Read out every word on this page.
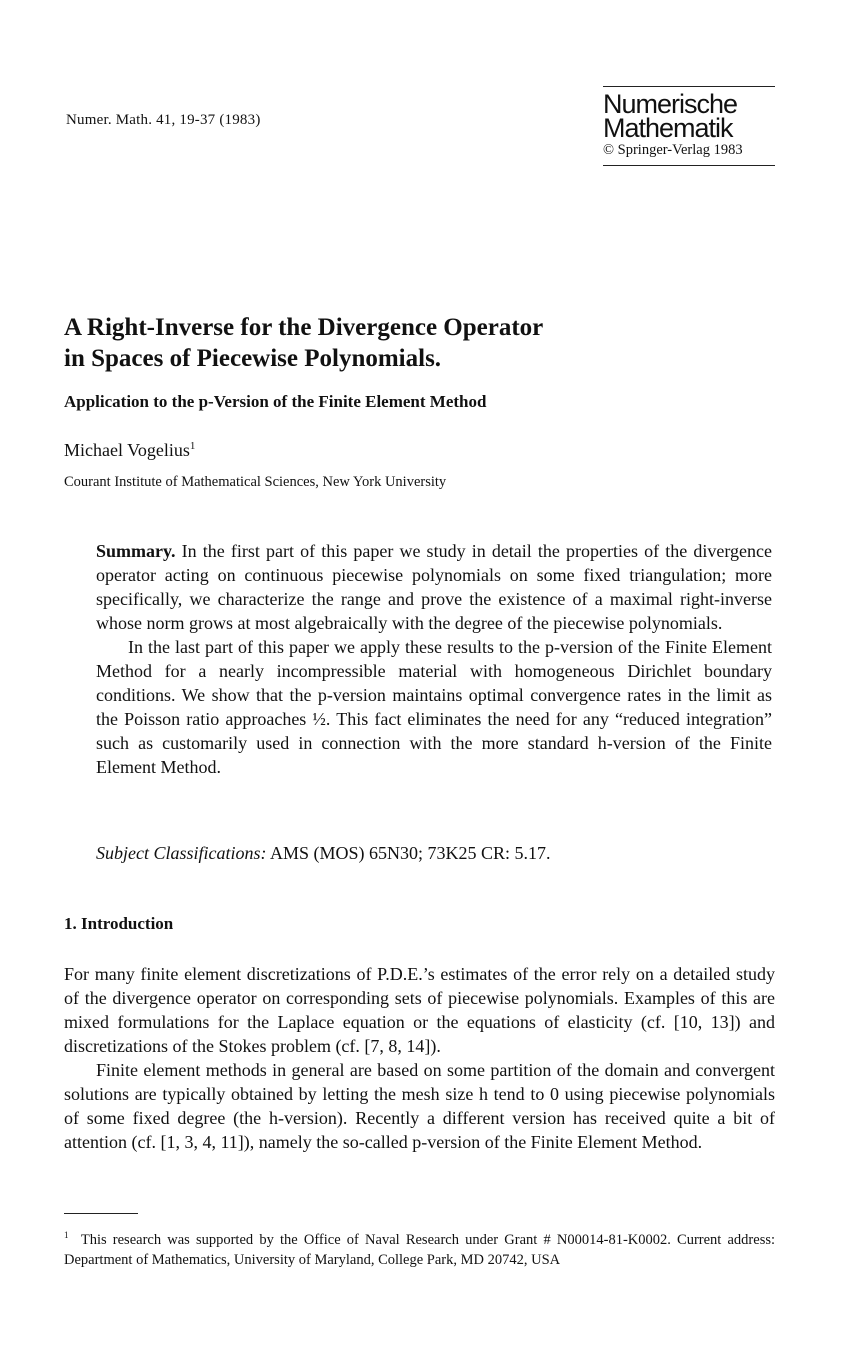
Numer. Math. 41, 19-37 (1983)
Numerische
Mathematik
© Springer-Verlag 1983
A Right-Inverse for the Divergence Operator
in Spaces of Piecewise Polynomials.
Application to the p-Version of the Finite Element Method
Michael Vogelius$^1$
Courant Institute of Mathematical Sciences, New York University

Summary. In the first part of this paper we study in detail the properties of the divergence operator acting on continuous piecewise polynomials on some fixed triangulation; more specifically, we characterize the range and prove the existence of a maximal right-inverse whose norm grows at most algebraically with the degree of the piecewise polynomials.

In the last part of this paper we apply these results to the p-version of the Finite Element Method for a nearly incompressible material with homogeneous Dirichlet boundary conditions. We show that the p-version maintains optimal convergence rates in the limit as the Poisson ratio approaches ½. This fact eliminates the need for any “reduced integration” such as customarily used in connection with the more standard h-version of the Finite Element Method.

Subject Classifications: AMS (MOS) 65N30; 73K25 CR: 5.17.
1. Introduction

For many finite element discretizations of P.D.E.’s estimates of the error rely on a detailed study of the divergence operator on corresponding sets of piecewise polynomials. Examples of this are mixed formulations for the Laplace equation or the equations of elasticity (cf. [10, 13]) and discretizations of the Stokes problem (cf. [7, 8, 14]).

Finite element methods in general are based on some partition of the domain and convergent solutions are typically obtained by letting the mesh size h tend to 0 using piecewise polynomials of some fixed degree (the h-version). Recently a different version has received quite a bit of attention (cf. [1, 3, 4, 11]), namely the so-called p-version of the Finite Element Method.

$^1$ This research was supported by the Office of Naval Research under Grant # N00014-81-K0002. Current address: Department of Mathematics, University of Maryland, College Park, MD 20742, USA
